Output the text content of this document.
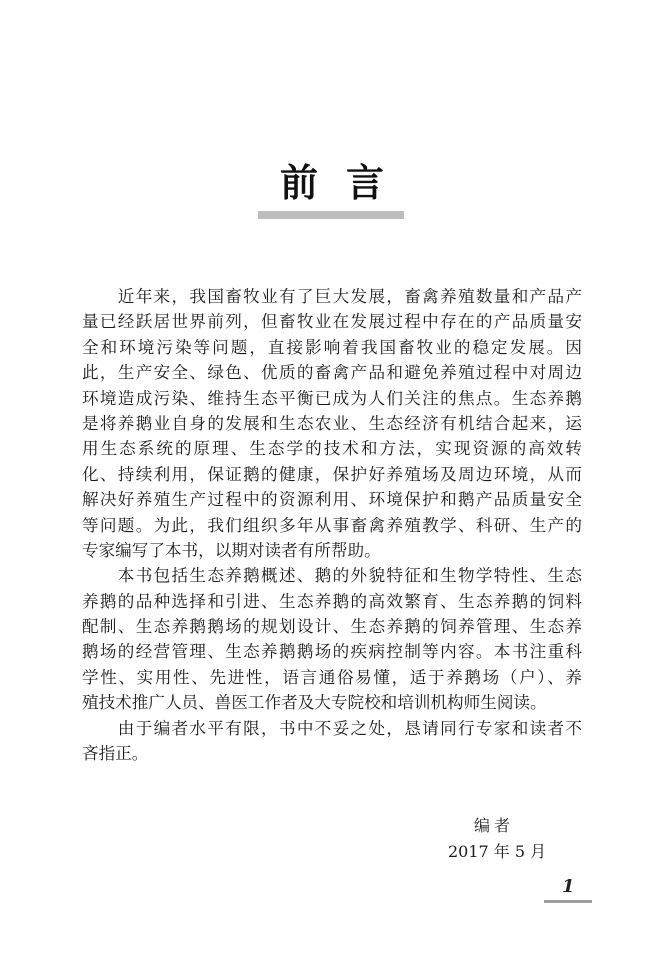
前言
　　近年来，我国畜牧业有了巨大发展，畜禽养殖数量和产品产
量已经跃居世界前列，但畜牧业在发展过程中存在的产品质量安
全和环境污染等问题，直接影响着我国畜牧业的稳定发展。因
此，生产安全、绿色、优质的畜禽产品和避免养殖过程中对周边
环境造成污染、维持生态平衡已成为人们关注的焦点。生态养鹅
是将养鹅业自身的发展和生态农业、生态经济有机结合起来，运
用生态系统的原理、生态学的技术和方法，实现资源的高效转
化、持续利用，保证鹅的健康，保护好养殖场及周边环境，从而
解决好养殖生产过程中的资源利用、环境保护和鹅产品质量安全
等问题。为此，我们组织多年从事畜禽养殖教学、科研、生产的
专家编写了本书，以期对读者有所帮助。
　　本书包括生态养鹅概述、鹅的外貌特征和生物学特性、生态
养鹅的品种选择和引进、生态养鹅的高效繁育、生态养鹅的饲料
配制、生态养鹅鹅场的规划设计、生态养鹅的饲养管理、生态养
鹅场的经营管理、生态养鹅鹅场的疾病控制等内容。本书注重科
学性、实用性、先进性，语言通俗易懂，适于养鹅场（户）、养
殖技术推广人员、兽医工作者及大专院校和培训机构师生阅读。
　　由于编者水平有限，书中不妥之处，恳请同行专家和读者不
吝指正。
编者
2017 年 5 月
1
